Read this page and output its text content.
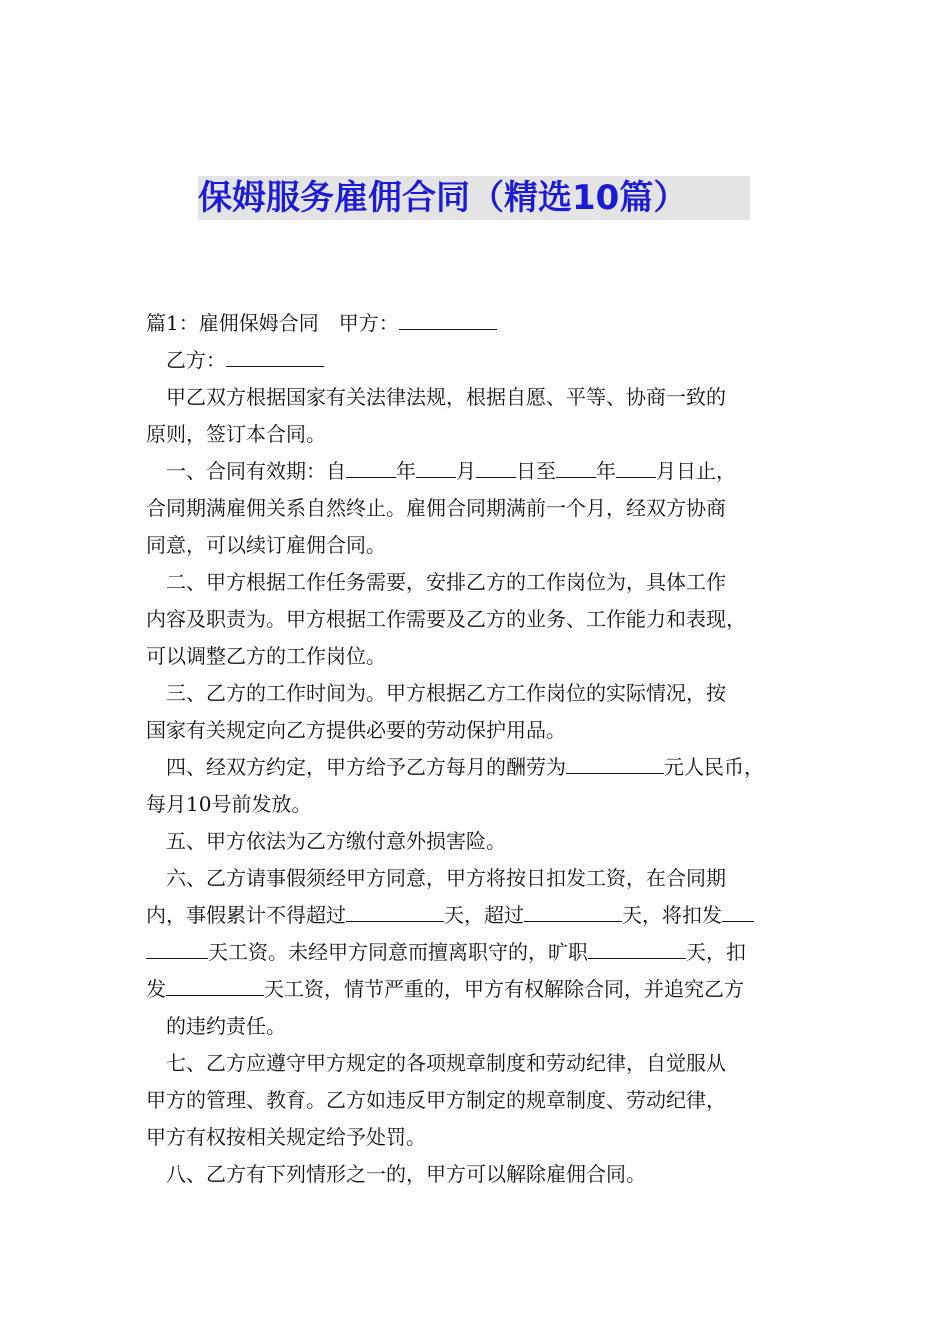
保姆服务雇佣合同（精选10篇）
篇1：雇佣保姆合同　甲方：
乙方：
甲乙双方根据国家有关法律法规，根据自愿、平等、协商一致的
原则，签订本合同。
一、合同有效期：自	年 月 日至 年 月日止，
合同期满雇佣关系自然终止。雇佣合同期满前一个月，经双方协商
同意，可以续订雇佣合同。
二、甲方根据工作任务需要，安排乙方的工作岗位为，具体工作
内容及职责为。甲方根据工作需要及乙方的业务、工作能力和表现，
可以调整乙方的工作岗位。
三、乙方的工作时间为。甲方根据乙方工作岗位的实际情况，按
国家有关规定向乙方提供必要的劳动保护用品。
四、经双方约定，甲方给予乙方每月的酬劳为	元人民币，
每月10号前发放。
五、甲方依法为乙方缴付意外损害险。
六、乙方请事假须经甲方同意，甲方将按日扣发工资，在合同期
内，事假累计不得超过	天，超过	天，将扣发
天工资。未经甲方同意而擅离职守的，旷职	天，扣
发	天工资，情节严重的，甲方有权解除合同，并追究乙方
的违约责任。
七、乙方应遵守甲方规定的各项规章制度和劳动纪律，自觉服从
甲方的管理、教育。乙方如违反甲方制定的规章制度、劳动纪律，
甲方有权按相关规定给予处罚。
八、乙方有下列情形之一的，甲方可以解除雇佣合同。
